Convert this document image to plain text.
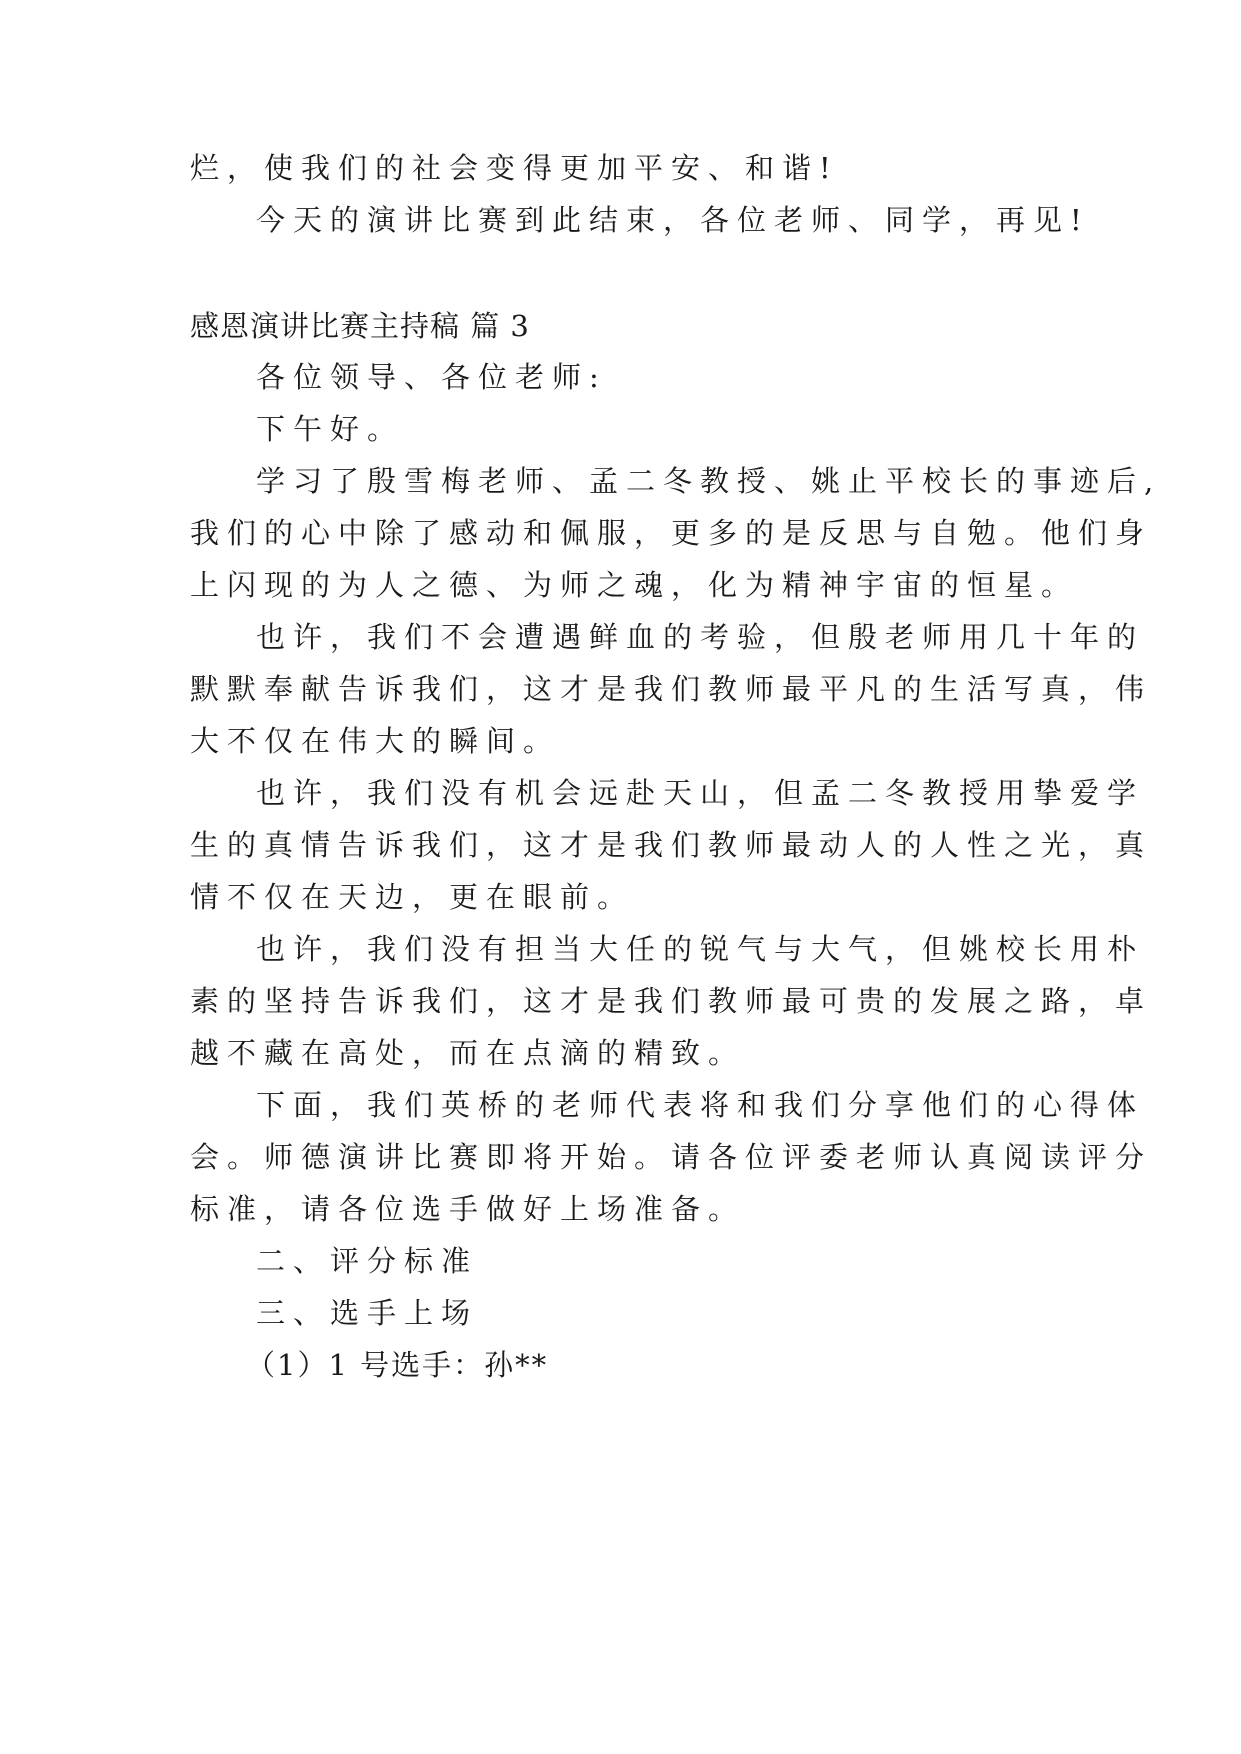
烂，使我们的社会变得更加平安、和谐!
今天的演讲比赛到此结束，各位老师、同学，再见!
感恩演讲比赛主持稿 篇 3
各位领导、各位老师:
下午好。
学习了殷雪梅老师、孟二冬教授、姚止平校长的事迹后,
我们的心中除了感动和佩服，更多的是反思与自勉。他们身
上闪现的为人之德、为师之魂，化为精神宇宙的恒星。
也许，我们不会遭遇鲜血的考验，但殷老师用几十年的
默默奉献告诉我们，这才是我们教师最平凡的生活写真，伟
大不仅在伟大的瞬间。
也许，我们没有机会远赴天山，但孟二冬教授用挚爱学
生的真情告诉我们，这才是我们教师最动人的人性之光，真
情不仅在天边，更在眼前。
也许，我们没有担当大任的锐气与大气，但姚校长用朴
素的坚持告诉我们，这才是我们教师最可贵的发展之路，卓
越不藏在高处，而在点滴的精致。
下面，我们英桥的老师代表将和我们分享他们的心得体
会。师德演讲比赛即将开始。请各位评委老师认真阅读评分
标准，请各位选手做好上场准备。
二、评分标准
三、选手上场
（1）1 号选手：孙**
